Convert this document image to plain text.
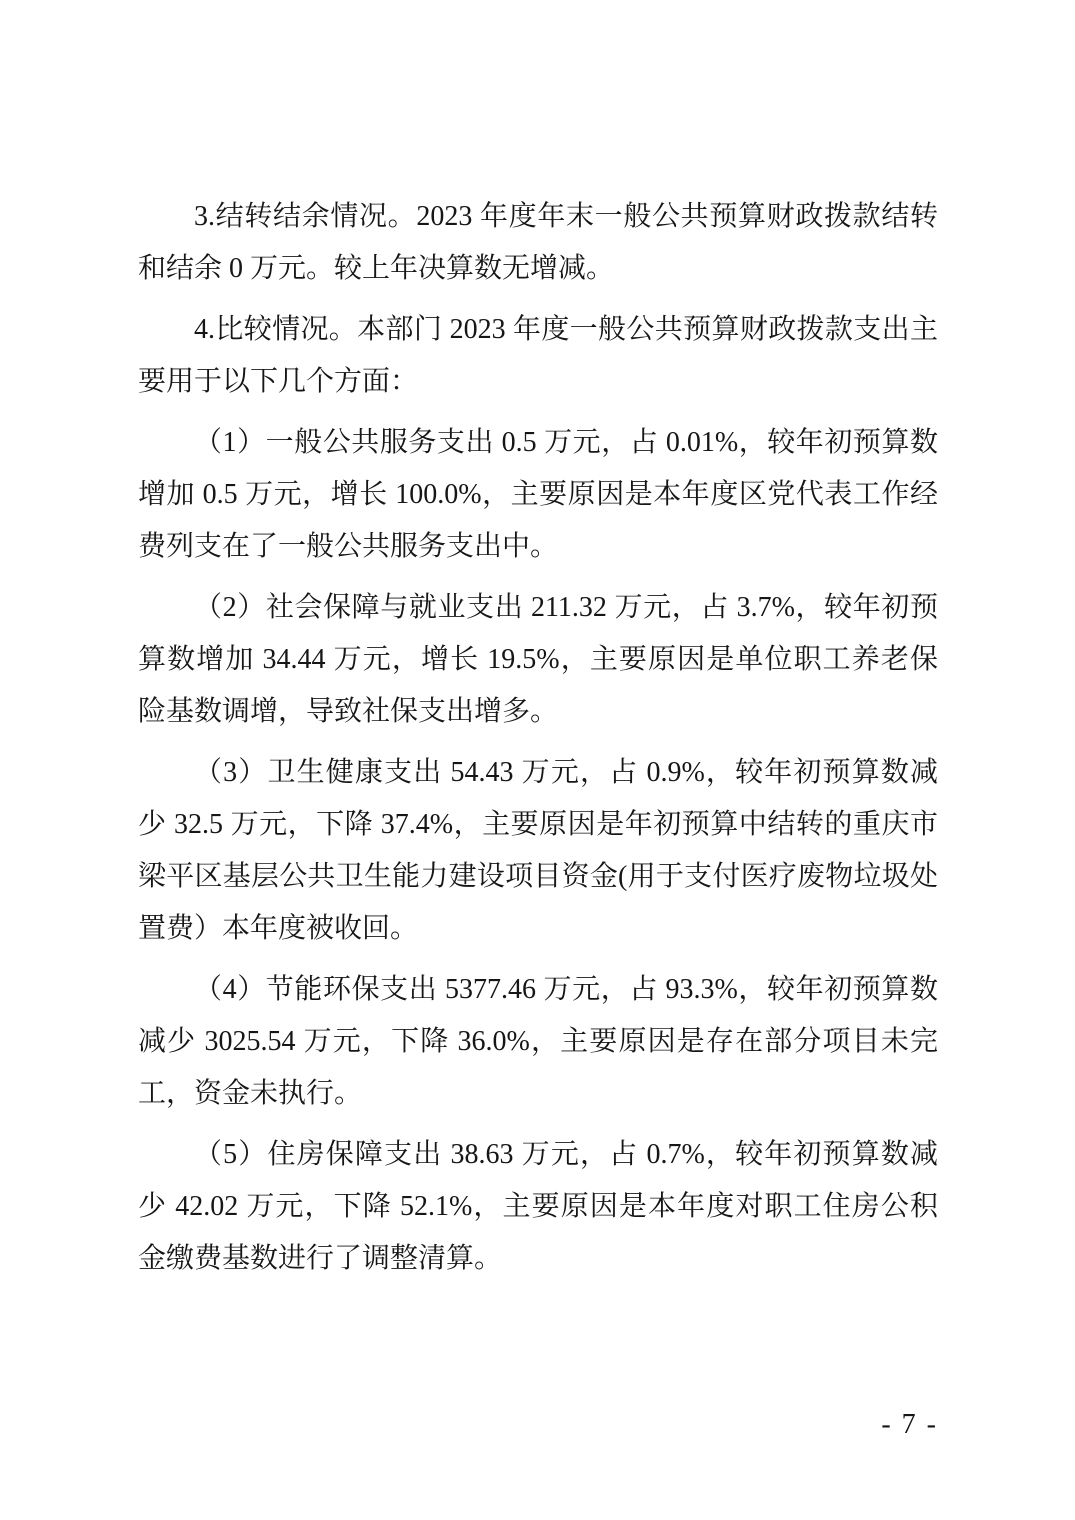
3.结转结余情况。2023 年度年末一般公共预算财政拨款结转和结余 0 万元。较上年决算数无增减。

4.比较情况。本部门 2023 年度一般公共预算财政拨款支出主要用于以下几个方面：

（1）一般公共服务支出 0.5 万元，占 0.01%，较年初预算数增加 0.5 万元，增长 100.0%，主要原因是本年度区党代表工作经费列支在了一般公共服务支出中。

（2）社会保障与就业支出 211.32 万元，占 3.7%，较年初预算数增加 34.44 万元，增长 19.5%，主要原因是单位职工养老保险基数调增，导致社保支出增多。

（3）卫生健康支出 54.43 万元，占 0.9%，较年初预算数减少 32.5 万元，下降 37.4%，主要原因是年初预算中结转的重庆市梁平区基层公共卫生能力建设项目资金(用于支付医疗废物垃圾处置费）本年度被收回。

（4）节能环保支出 5377.46 万元，占 93.3%，较年初预算数减少 3025.54 万元，下降 36.0%，主要原因是存在部分项目未完工，资金未执行。

（5）住房保障支出 38.63 万元，占 0.7%，较年初预算数减少 42.02 万元，下降 52.1%，主要原因是本年度对职工住房公积金缴费基数进行了调整清算。

- 7 -
